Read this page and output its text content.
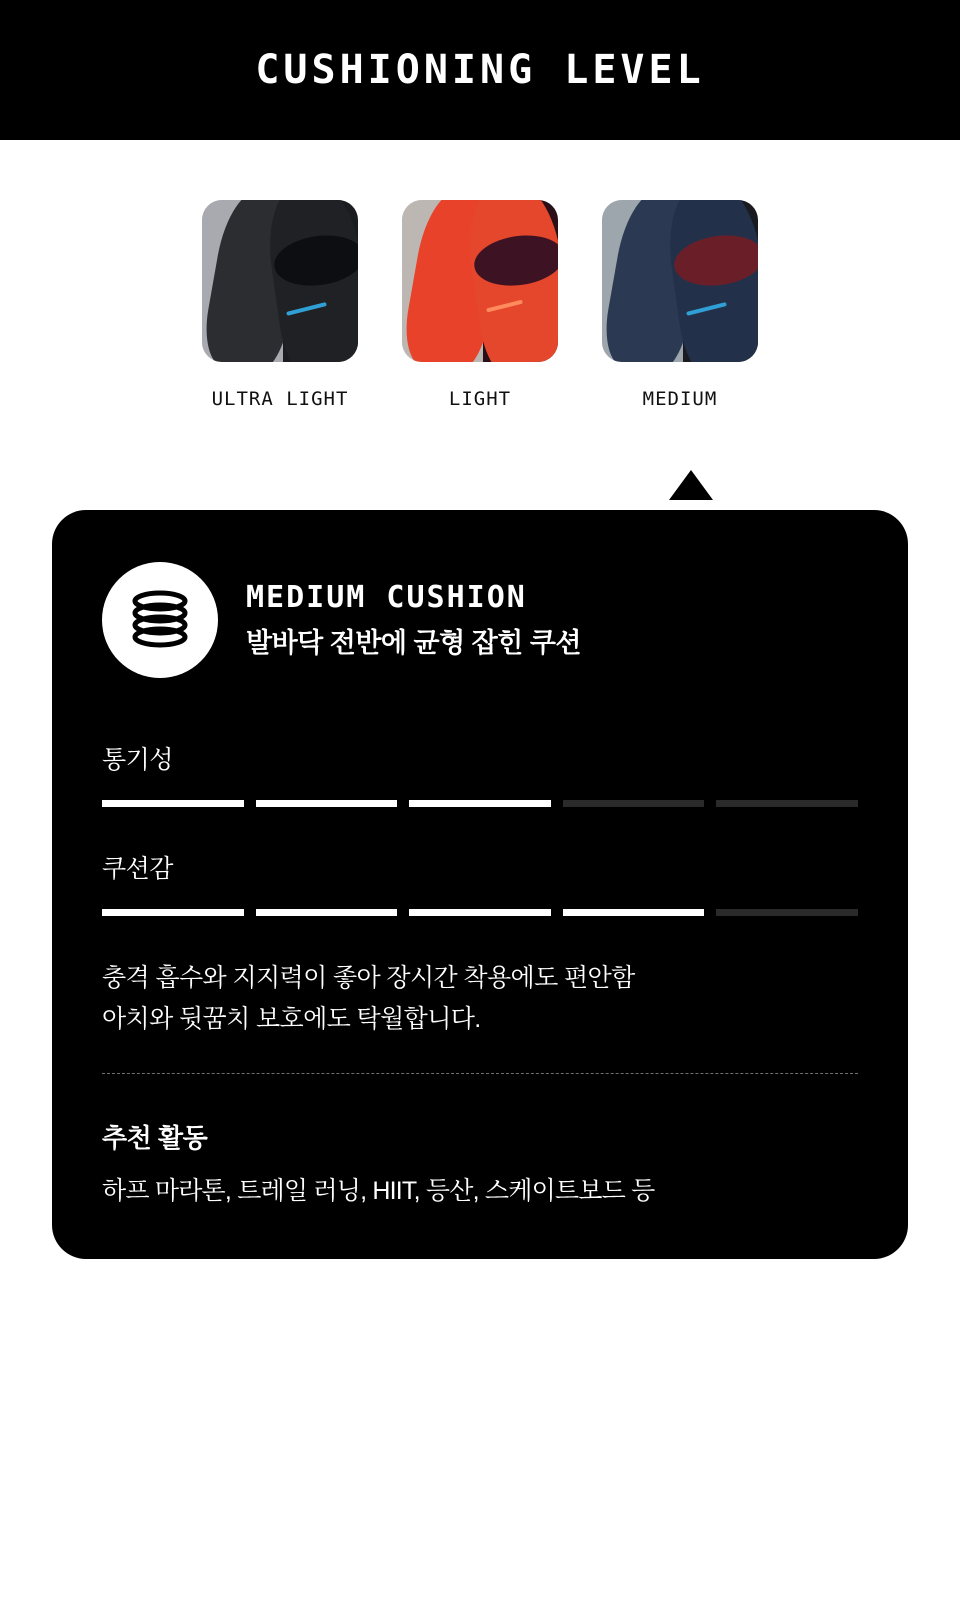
CUSHIONING LEVEL
ULTRA LIGHT	LIGHT	MEDIUM
MEDIUM CUSHION
발바닥 전반에 균형 잡힌 쿠션
통기성
쿠션감
충격 흡수와 지지력이 좋아 장시간 착용에도 편안함
아치와 뒷꿈치 보호에도 탁월합니다.
추천 활동
하프 마라톤, 트레일 러닝, HIIT, 등산, 스케이트보드 등
